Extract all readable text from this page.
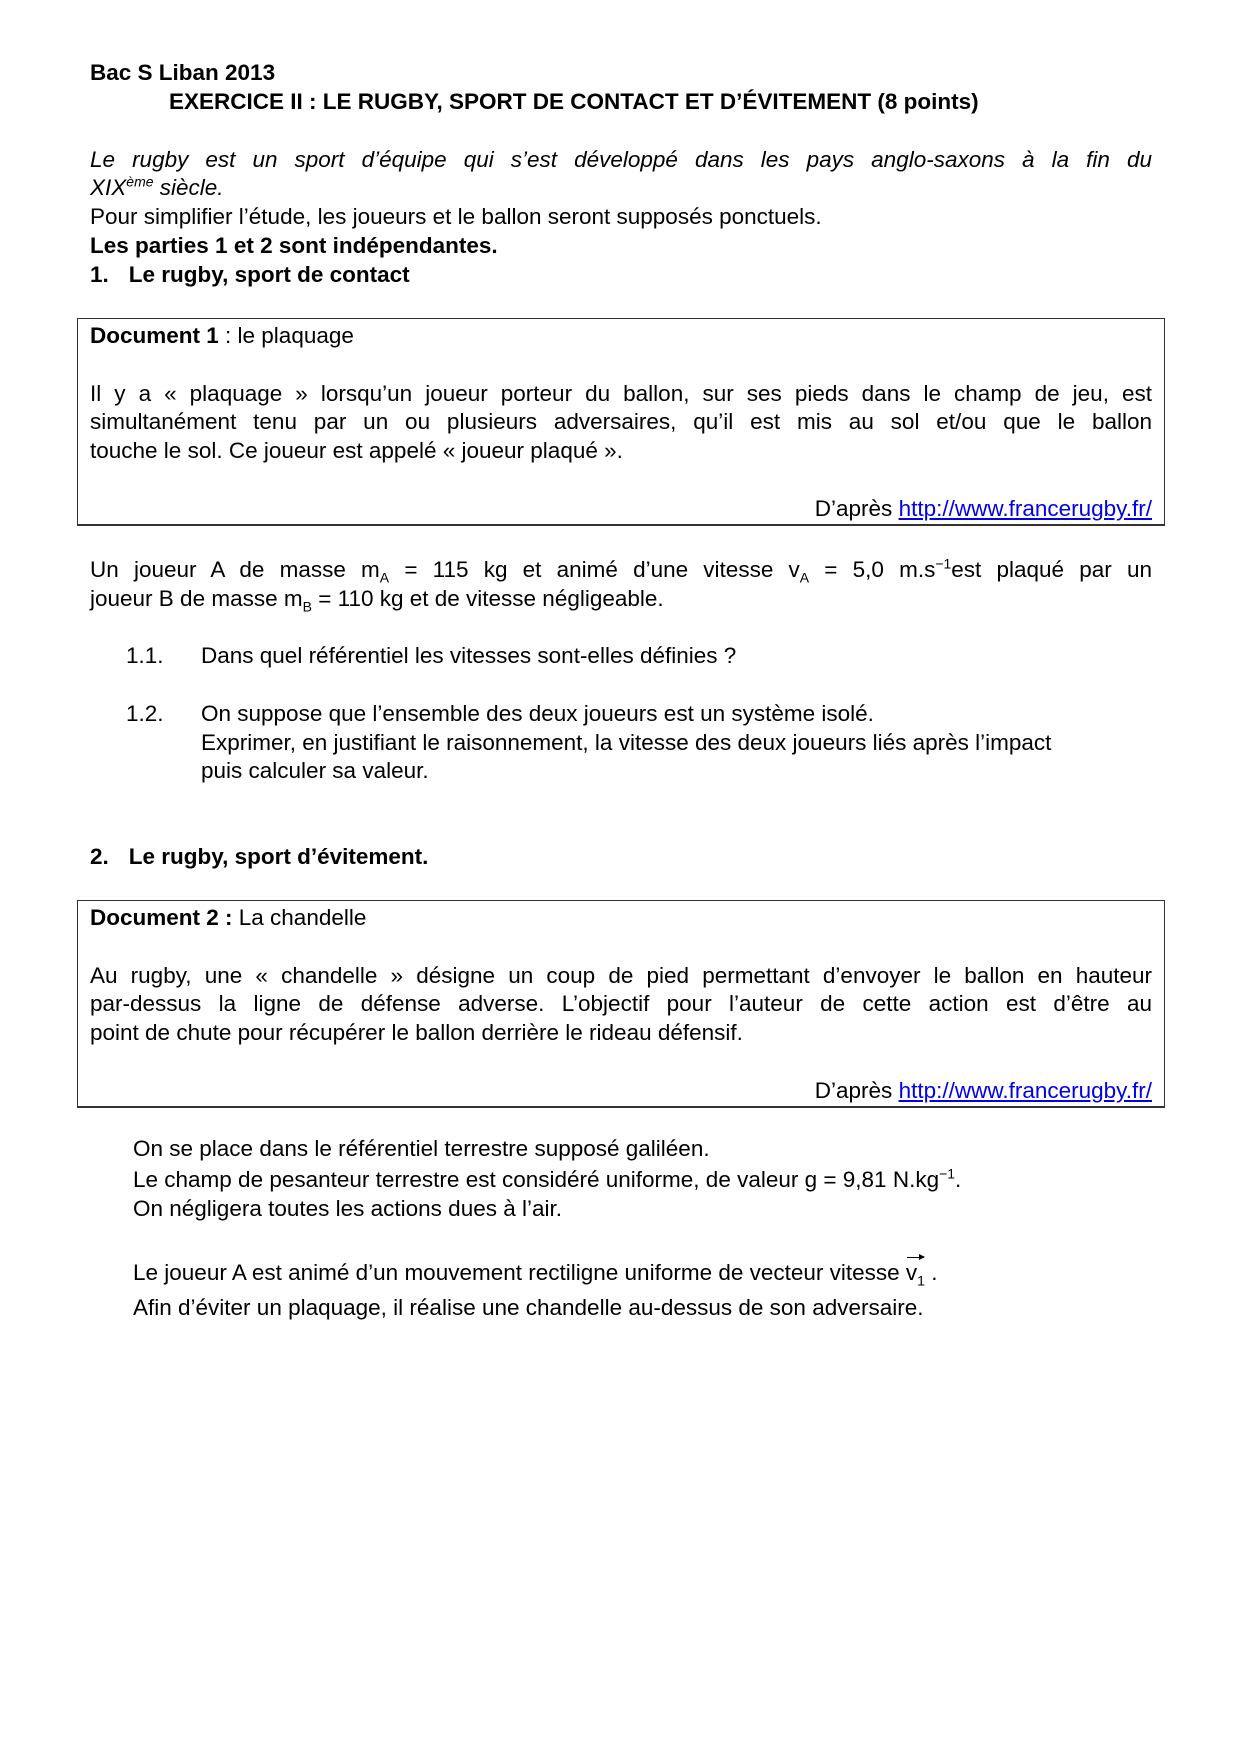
Bac S Liban 2013
EXERCICE II : LE RUGBY, SPORT DE CONTACT ET D’ÉVITEMENT (8 points)
Le rugby est un sport d’équipe qui s’est développé dans les pays anglo-saxons à la fin du
XIXème siècle.
Pour simplifier l’étude, les joueurs et le ballon seront supposés ponctuels.
Les parties 1 et 2 sont indépendantes.
1. Le rugby, sport de contact
Document 1 : le plaquage
Il y a « plaquage » lorsqu’un joueur porteur du ballon, sur ses pieds dans le champ de jeu, est
simultanément tenu par un ou plusieurs adversaires, qu’il est mis au sol et/ou que le ballon
touche le sol. Ce joueur est appelé « joueur plaqué ».
D’après http://www.francerugby.fr/
Un joueur A de masse $m_A = 115$ kg et animé d’une vitesse $v_A = 5,0$ $m.s^{-1}est$ plaqué par un
joueur B de masse $m_B = 110$ kg et de vitesse négligeable.
1.1. Dans quel référentiel les vitesses sont-elles définies ?
1.2. On suppose que l’ensemble des deux joueurs est un système isolé.
Exprimer, en justifiant le raisonnement, la vitesse des deux joueurs liés après l’impact
puis calculer sa valeur.
2. Le rugby, sport d’évitement.
Document 2 : La chandelle
Au rugby, une « chandelle » désigne un coup de pied permettant d’envoyer le ballon en hauteur
par-dessus la ligne de défense adverse. L’objectif pour l’auteur de cette action est d’être au
point de chute pour récupérer le ballon derrière le rideau défensif.
D’après http://www.francerugby.fr/
On se place dans le référentiel terrestre supposé galiléen.
Le champ de pesanteur terrestre est considéré uniforme, de valeur g = 9,81 $N.kg^{-1}$.
On négligera toutes les actions dues à l’air.
Le joueur A est animé d’un mouvement rectiligne uniforme de vecteur vitesse $v_1$ .
Afin d’éviter un plaquage, il réalise une chandelle au-dessus de son adversaire.
